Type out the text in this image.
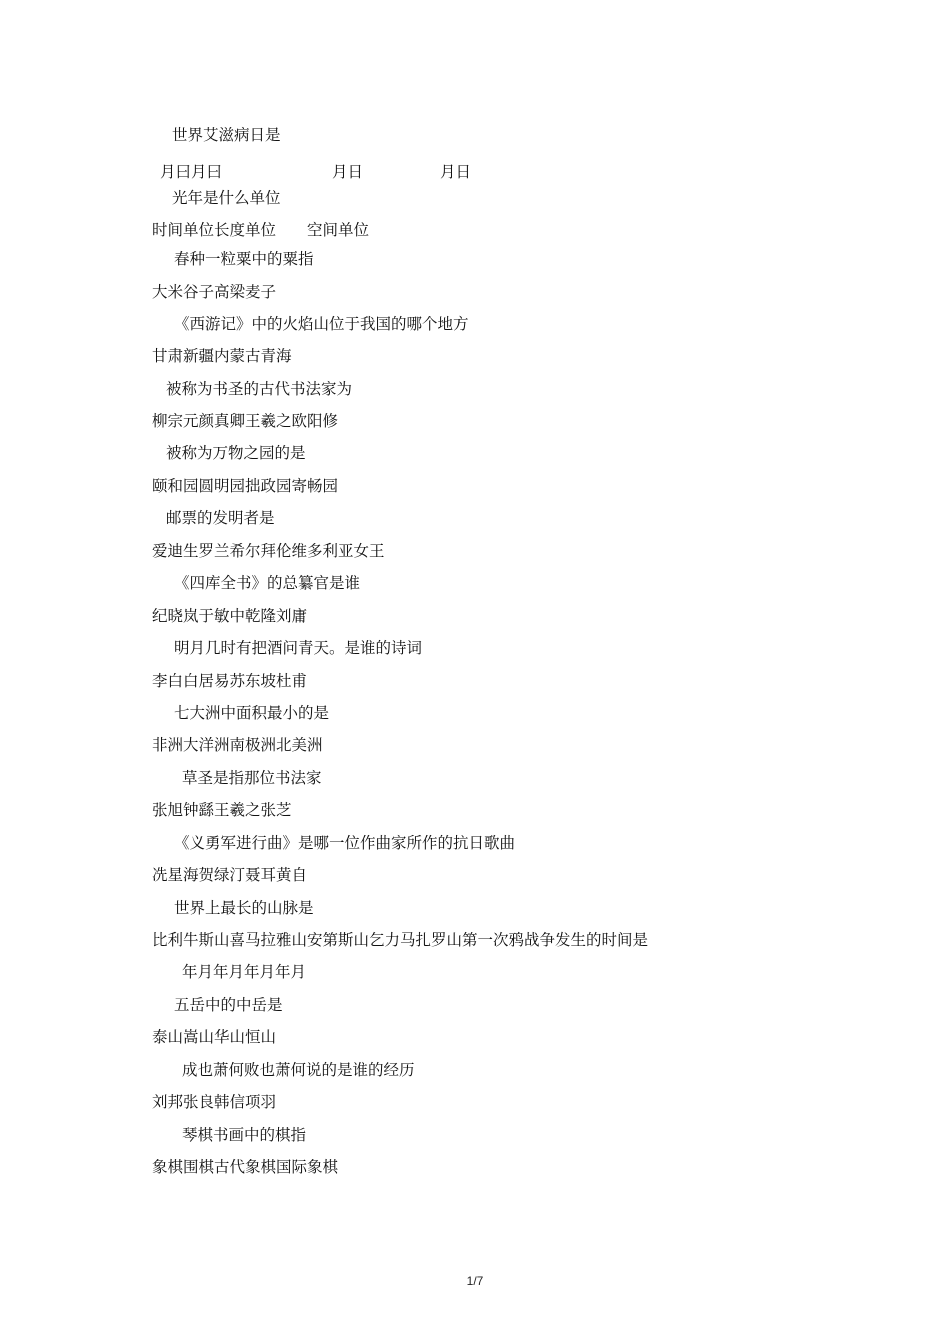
世界艾滋病日是
月曰月曰	月日	月日
光年是什么单位
时间单位长度单位　　空间单位
春种一粒粟中的粟指
大米谷子高梁麦子
《西游记》中的火焰山位于我国的哪个地方
甘肃新疆内蒙古青海
被称为书圣的古代书法家为
柳宗元颜真卿王羲之欧阳修
被称为万物之园的是
颐和园圆明园拙政园寄畅园
邮票的发明者是
爱迪生罗兰希尔拜伦维多利亚女王
《四库全书》的总纂官是谁
纪晓岚于敏中乾隆刘庸
明月几时有把酒问青天。是谁的诗词
李白白居易苏东坡杜甫
七大洲中面积最小的是
非洲大洋洲南极洲北美洲
草圣是指那位书法家
张旭钟繇王羲之张芝
《义勇军进行曲》是哪一位作曲家所作的抗日歌曲
冼星海贺绿汀聂耳黄自
世界上最长的山脉是
比利牛斯山喜马拉雅山安第斯山乞力马扎罗山第一次鸦战争发生的时间是
年月年月年月年月
五岳中的中岳是
泰山嵩山华山恒山
成也萧何败也萧何说的是谁的经历
刘邦张良韩信项羽
琴棋书画中的棋指
象棋围棋古代象棋国际象棋
1/7
